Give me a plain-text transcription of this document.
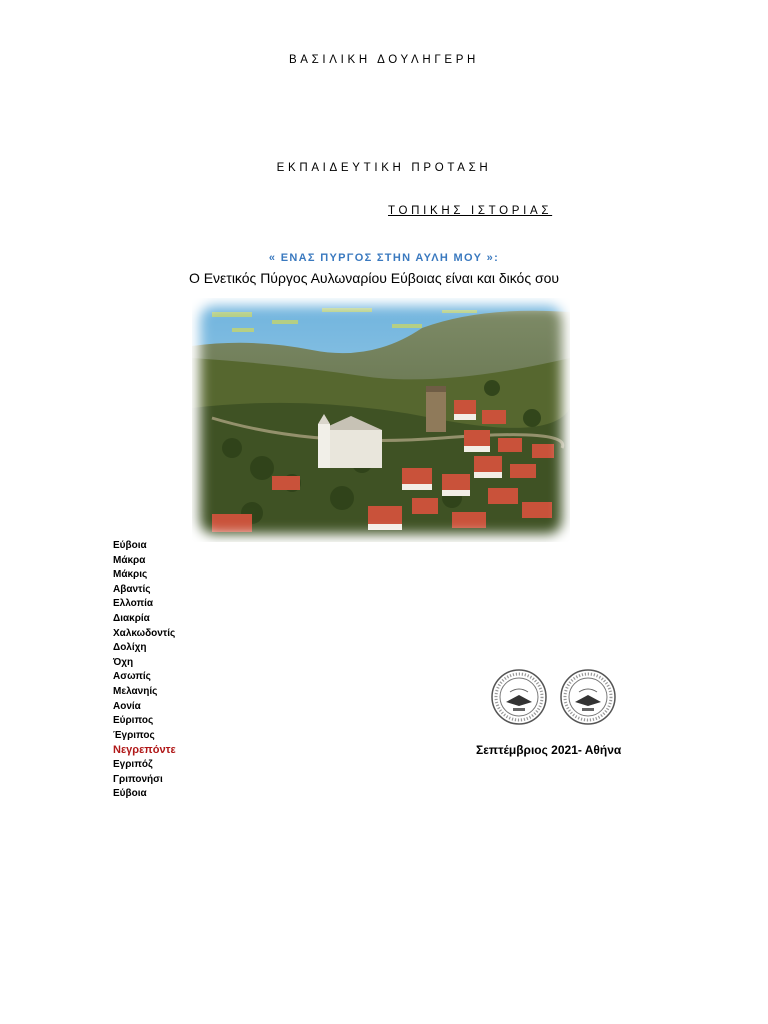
ΒΑΣΙΛΙΚΗ ΔΟΥΛΗΓΕΡΗ
ΕΚΠΑΙΔΕΥΤΙΚΗ ΠΡΟΤΑΣΗ
ΤΟΠΙΚΗΣ ΙΣΤΟΡΙΑΣ
« ΕΝΑΣ ΠΥΡΓΟΣ ΣΤΗΝ ΑΥΛΗ ΜΟΥ »:
Ο Ενετικός Πύργος Αυλωναρίου Εύβοιας είναι και δικός σου
Εύβοια
Μάκρα
Μάκρις
Αβαντίς
Ελλοπία
Διακρία
Χαλκωδοντίς
Δολίχη
Όχη
Ασωπίς
Μελανηίς
Αονία
Εύριπος
Έγριπος
Νεγρεπόντε
Εγριπόζ
Γριπονήσι
Εύβοια
Σεπτέμβριος 2021- Αθήνα
